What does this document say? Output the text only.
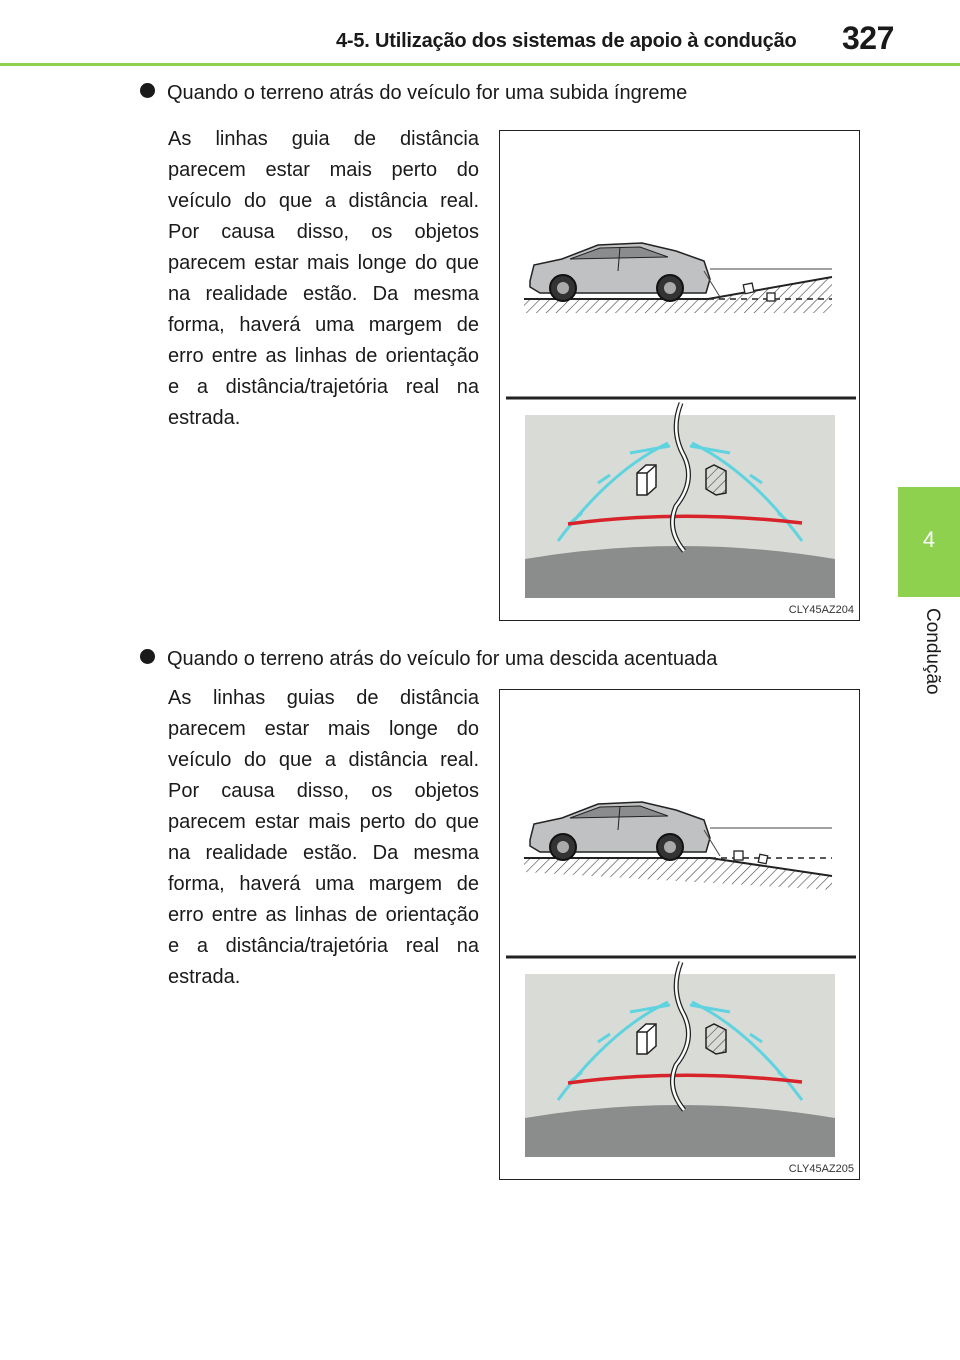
4-5. Utilização dos sistemas de apoio à condução 327
4
Condução
Quando o terreno atrás do veículo for uma subida íngreme

As linhas guia de distância parecem estar mais perto do veículo do que a distância real. Por causa disso, os objetos parecem estar mais longe do que na realidade estão. Da mesma forma, haverá uma margem de erro entre as linhas de orientação e a distância/trajetória real na estrada.

CLY45AZ204
Quando o terreno atrás do veículo for uma descida acentuada

As linhas guias de distância parecem estar mais longe do veículo do que a distância real. Por causa disso, os objetos parecem estar mais perto do que na realidade estão. Da mesma forma, haverá uma margem de erro entre as linhas de orientação e a distância/trajetória real na estrada.

CLY45AZ205
